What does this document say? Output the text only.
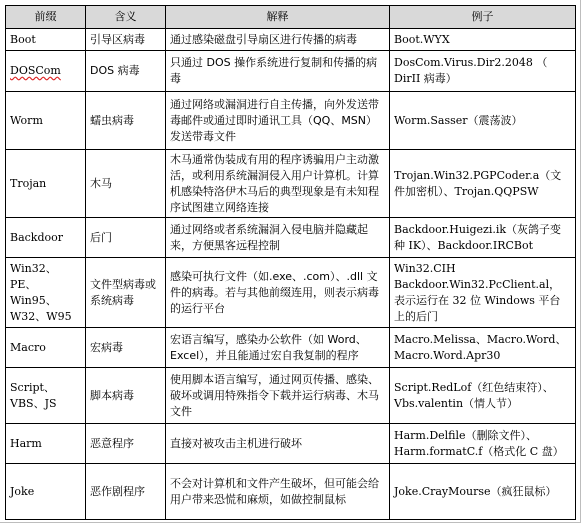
前缀	含义	解释	例子
Boot	引导区病毒	通过感染磁盘引导扇区进行传播的病毒	Boot.WYX
DOSCom	DOS 病毒	只通过 DOS 操作系统进行复制和传播的病毒	DosCom.Virus.Dir2.2048 （ DirII 病毒）
Worm	蠕虫病毒	通过网络或漏洞进行自主传播，向外发送带毒邮件或通过即时通讯工具（QQ、MSN）发送带毒文件	Worm.Sasser（震荡波）
Trojan	木马	木马通常伪装成有用的程序诱骗用户主动激活，或利用系统漏洞侵入用户计算机。计算机感染特洛伊木马后的典型现象是有未知程序试图建立网络连接	Trojan.Win32.PGPCoder.a（文件加密机）、Trojan.QQPSW
Backdoor	后门	通过网络或者系统漏洞入侵电脑并隐藏起来，方便黑客远程控制	Backdoor.Huigezi.ik（灰鸽子变种 IK）、Backdoor.IRCBot
Win32、PE、Win95、W32、W95	文件型病毒或系统病毒	感染可执行文件（如.exe、.com）、.dll 文件的病毒。若与其他前缀连用，则表示病毒的运行平台	Win32.CIH Backdoor.Win32.PcClient.al，表示运行在 32 位 Windows 平台上的后门
Macro	宏病毒	宏语言编写，感染办公软件（如 Word、Excel），并且能通过宏自我复制的程序	Macro.Melissa、Macro.Word、Macro.Word.Apr30
Script、VBS、JS	脚本病毒	使用脚本语言编写，通过网页传播、感染、破坏或调用特殊指令下载并运行病毒、木马文件	Script.RedLof（红色结束符）、Vbs.valentin（情人节）
Harm	恶意程序	直接对被攻击主机进行破坏	Harm.Delfile（删除文件）、Harm.formatC.f（格式化 C 盘）
Joke	恶作剧程序	不会对计算机和文件产生破坏，但可能会给用户带来恐慌和麻烦，如做控制鼠标	Joke.CrayMourse（疯狂鼠标）
